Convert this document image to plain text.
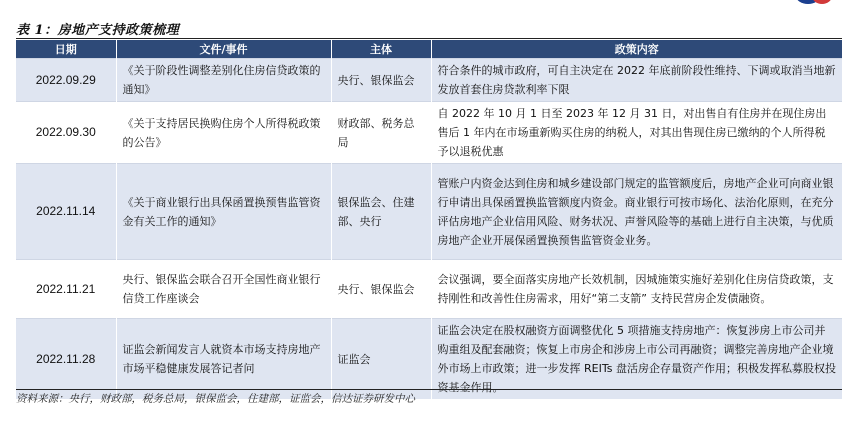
表 1：房地产支持政策梳理
日期	文件/事件	主体	政策内容
2022.09.29	《关于阶段性调整差别化住房信贷政策的通知》	央行、银保监会	符合条件的城市政府，可自主决定在 2022 年底前阶段性维持、下调或取消当地新发放首套住房贷款利率下限
2022.09.30	《关于支持居民换购住房个人所得税政策的公告》	财政部、税务总局	自 2022 年 10 月 1 日至 2023 年 12 月 31 日，对出售自有住房并在现住房出售后 1 年内在市场重新购买住房的纳税人，对其出售现住房已缴纳的个人所得税予以退税优惠
2022.11.14	《关于商业银行出具保函置换预售监管资金有关工作的通知》	银保监会、住建部、央行	管账户内资金达到住房和城乡建设部门规定的监管额度后，房地产企业可向商业银行申请出具保函置换监管额度内资金。商业银行可按市场化、法治化原则，在充分评估房地产企业信用风险、财务状况、声誉风险等的基础上进行自主决策，与优质房地产企业开展保函置换预售监管资金业务。
2022.11.21	央行、银保监会联合召开全国性商业银行信贷工作座谈会	央行、银保监会	会议强调，要全面落实房地产长效机制，因城施策实施好差别化住房信贷政策，支持刚性和改善性住房需求，用好“第二支箭” 支持民营房企发债融资。
2022.11.28	证监会新闻发言人就资本市场支持房地产市场平稳健康发展答记者问	证监会	证监会决定在股权融资方面调整优化 5 项措施支持房地产：恢复涉房上市公司并购重组及配套融资；恢复上市房企和涉房上市公司再融资；调整完善房地产企业境外市场上市政策；进一步发挥 REITs 盘活房企存量资产作用；积极发挥私募股权投资基金作用。
资料来源：央行，财政部，税务总局，银保监会，住建部，证监会，信达证券研发中心
